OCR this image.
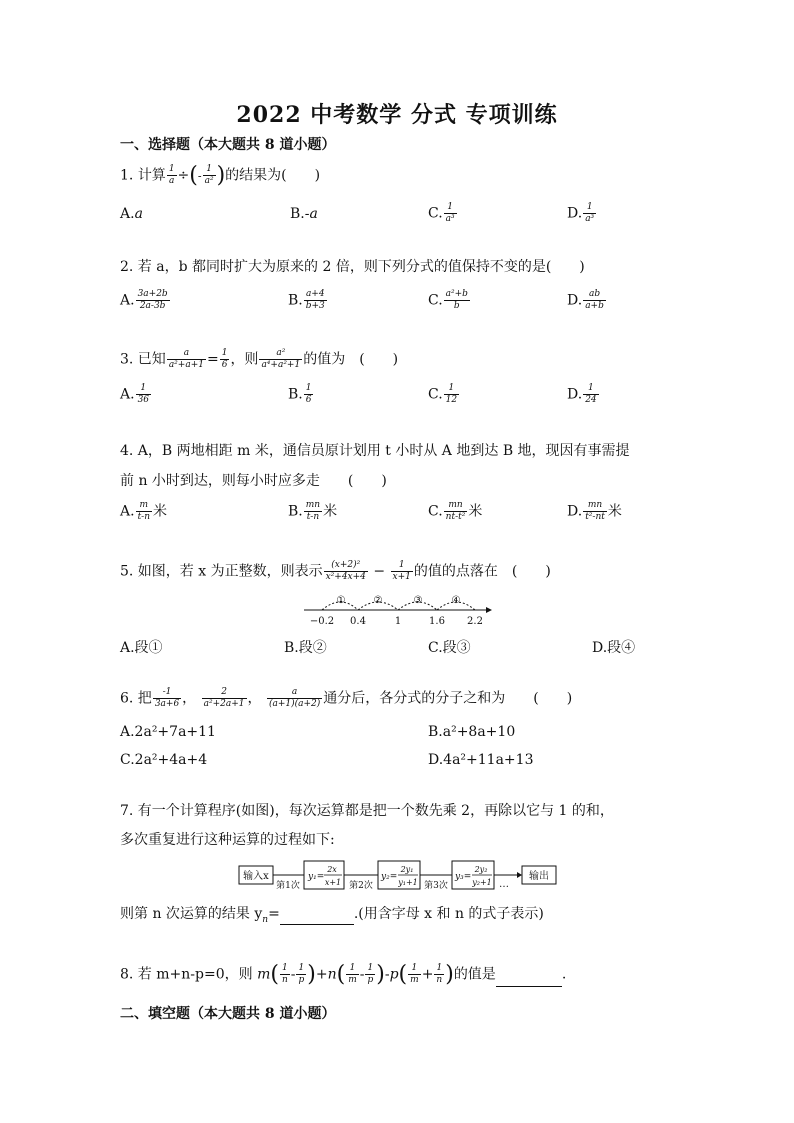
2022 中考数学 分式 专项训练
一、选择题（本大题共 8 道小题）
1. 计算 $\frac{1}{a}$ ÷(- $\frac{1}{\text{a²}}$ )的结果为(　　)
A.a	B.-a	C. $\frac{1}{\text{a³}}$	D. $\frac{1}{\text{a³}}$
2. 若 a，b 都同时扩大为原来的 2 倍，则下列分式的值保持不变的是(　　)
A. $\frac{3a+2b}{2a-3b}$	B. $\frac{a+4}{b+3}$	C. $\frac{\text{a²+b}}{b}$	D. $\frac{ab}{a+b}$
3. 已知 $\frac{a}{\text{a²+a+1}} = \frac{1}{6}$ ，则 $\frac{\text{a²}}{\text{a⁴+a²+1}}$ 的值为　(　　)
A. $\frac{1}{36}$	B. $\frac{1}{6}$	C. $\frac{1}{12}$	D. $\frac{1}{24}$
4. A，B 两地相距 m 米，通信员原计划用 t 小时从 A 地到达 B 地，现因有事需提
前 n 小时到达，则每小时应多走　　(　　)
A. $\frac{m}{t-n}$ 米	B. $\frac{mn}{t-n}$ 米	C. $\frac{mn}{\text{nt-t²}}$ 米	D. $\frac{mn}{\text{t²-nt}}$ 米
5. 如图，若 x 为正整数，则表示 $\frac{\text{(x+2)²}}{\text{x²+4x+4}} - \frac{1}{x+1}$ 的值的点落在　(　　)
①	②	③	④
−0.2 0.4	1	1.6 2.2
A.段①	B.段②	C.段③	D.段④
6. 把 $\frac{-1}{3a+6}$ ， $\frac{2}{\text{a²+2a+1}}$ ， $\frac{a}{(a+1)(a+2)}$ 通分后，各分式的分子之和为　　(　　)
A.2a²+7a+11	B.a²+8a+10
C.2a²+4a+4	D.4a²+11a+13
7. 有一个计算程序(如图)，每次运算都是把一个数先乘 2，再除以它与 1 的和，
多次重复进行这种运算的过程如下:
输入x
第1次
y₁=
2x
x+1 第2次
y₂=
2y₁
y₁+1 第3次
y₃=
2y₂
y₂+1 …
输出
则第 n 次运算的结果 $y_n=$	.(用含字母 x 和 n 的式子表示)
8. 若 m+n-p=0，则 $m( \frac{1}{n} - \frac{1}{p} )+n( \frac{1}{m} - \frac{1}{p} )-p( \frac{1}{m} + \frac{1}{n}$ )的值是	.
二、填空题（本大题共 8 道小题）
